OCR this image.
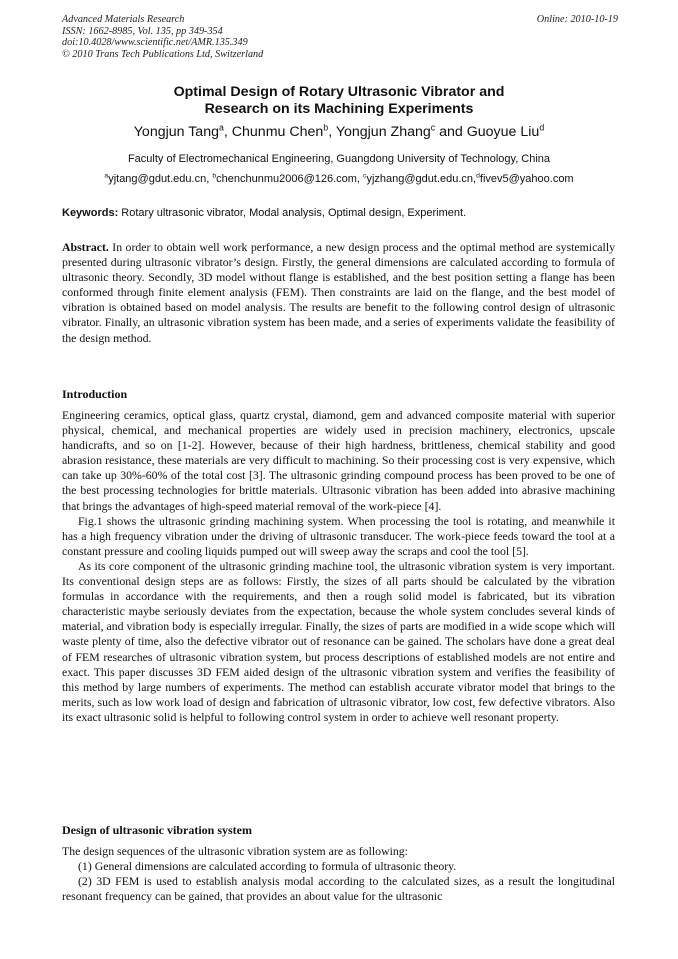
Advanced Materials Research
ISSN: 1662-8985, Vol. 135, pp 349-354
doi:10.4028/www.scientific.net/AMR.135.349
© 2010 Trans Tech Publications Ltd, Switzerland
Online: 2010-10-19
Optimal Design of Rotary Ultrasonic Vibrator and
Research on its Machining Experiments
Yongjun Tang$^a$, Chunmu Chen$^b$, Yongjun Zhang$^c$ and Guoyue Liu$^d$
Faculty of Electromechanical Engineering, Guangdong University of Technology, China
$^a$yjtang@gdut.edu.cn, $^b$chenchunmu2006@126.com, $^c$yjzhang@gdut.edu.cn,$^d$fivev5@yahoo.com
Keywords: Rotary ultrasonic vibrator, Modal analysis, Optimal design, Experiment.

Abstract. In order to obtain well work performance, a new design process and the optimal method are systemically presented during ultrasonic vibrator’s design. Firstly, the general dimensions are calculated according to formula of ultrasonic theory. Secondly, 3D model without flange is established, and the best position setting a flange has been conformed through finite element analysis (FEM). Then constraints are laid on the flange, and the best model of vibration is obtained based on model analysis. The results are benefit to the following control design of ultrasonic vibrator. Finally, an ultrasonic vibration system has been made, and a series of experiments validate the feasibility of the design method.

Introduction

Engineering ceramics, optical glass, quartz crystal, diamond, gem and advanced composite material with superior physical, chemical, and mechanical properties are widely used in precision machinery, electronics, upscale handicrafts, and so on [1-2]. However, because of their high hardness, brittleness, chemical stability and good abrasion resistance, these materials are very difficult to machining. So their processing cost is very expensive, which can take up 30%-60% of the total cost [3]. The ultrasonic grinding compound process has been proved to be one of the best processing technologies for brittle materials. Ultrasonic vibration has been added into abrasive machining that brings the advantages of high-speed material removal of the work-piece [4].

Fig.1 shows the ultrasonic grinding machining system. When processing the tool is rotating, and meanwhile it has a high frequency vibration under the driving of ultrasonic transducer. The work-piece feeds toward the tool at a constant pressure and cooling liquids pumped out will sweep away the scraps and cool the tool [5].

As its core component of the ultrasonic grinding machine tool, the ultrasonic vibration system is very important. Its conventional design steps are as follows: Firstly, the sizes of all parts should be calculated by the vibration formulas in accordance with the requirements, and then a rough solid model is fabricated, but its vibration characteristic maybe seriously deviates from the expectation, because the whole system concludes several kinds of material, and vibration body is especially irregular. Finally, the sizes of parts are modified in a wide scope which will waste plenty of time, also the defective vibrator out of resonance can be gained. The scholars have done a great deal of FEM researches of ultrasonic vibration system, but process descriptions of established models are not entire and exact. This paper discusses 3D FEM aided design of the ultrasonic vibration system and verifies the feasibility of this method by large numbers of experiments. The method can establish accurate vibrator model that brings to the merits, such as low work load of design and fabrication of ultrasonic vibrator, low cost, few defective vibrators. Also its exact ultrasonic solid is helpful to following control system in order to achieve well resonant property.

Design of ultrasonic vibration system

The design sequences of the ultrasonic vibration system are as following:

(1) General dimensions are calculated according to formula of ultrasonic theory.

(2) 3D FEM is used to establish analysis modal according to the calculated sizes, as a result the longitudinal resonant frequency can be gained, that provides an about value for the ultrasonic
